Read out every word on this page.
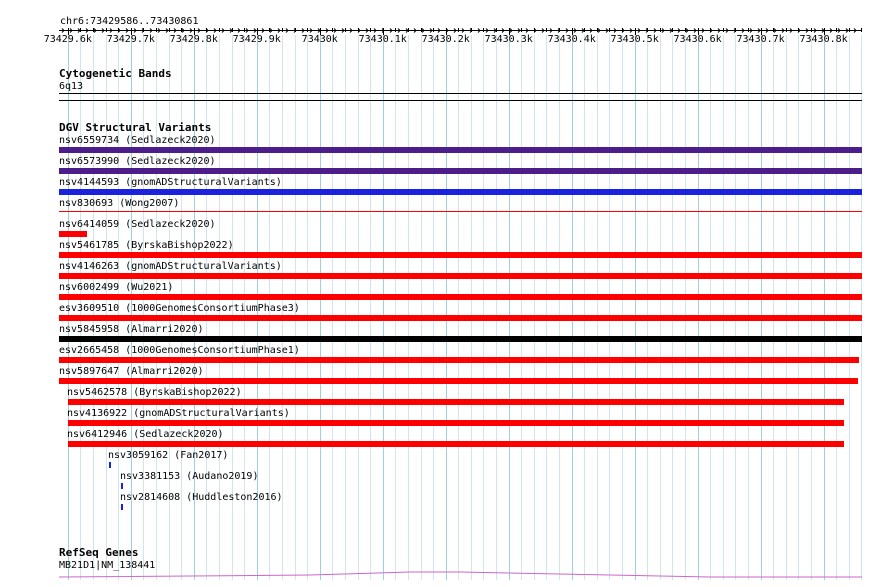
chr6:73429586..73430861
73429.6k 73429.7k 73429.8k 73429.9k 73430k 73430.1k 73430.2k 73430.3k 73430.4k 73430.5k 73430.6k 73430.7k 73430.8k
Cytogenetic Bands
6q13
DGV Structural Variants
nsv6559734 (Sedlazeck2020)
nsv6573990 (Sedlazeck2020)
nsv4144593 (gnomADStructuralVariants)
nsv830693 (Wong2007)
nsv6414059 (Sedlazeck2020)
nsv5461785 (ByrskaBishop2022)
nsv4146263 (gnomADStructuralVariants)
nsv6002499 (Wu2021)
esv3609510 (1000GenomesConsortiumPhase3)
nsv5845958 (Almarri2020)
esv2665458 (1000GenomesConsortiumPhase1)
nsv5897647 (Almarri2020)
nsv5462578 (ByrskaBishop2022)
nsv4136922 (gnomADStructuralVariants)
nsv6412946 (Sedlazeck2020)
nsv3059162 (Fan2017)
nsv3381153 (Audano2019)
nsv2814608 (Huddleston2016)
RefSeq Genes
MB21D1|NM_138441
